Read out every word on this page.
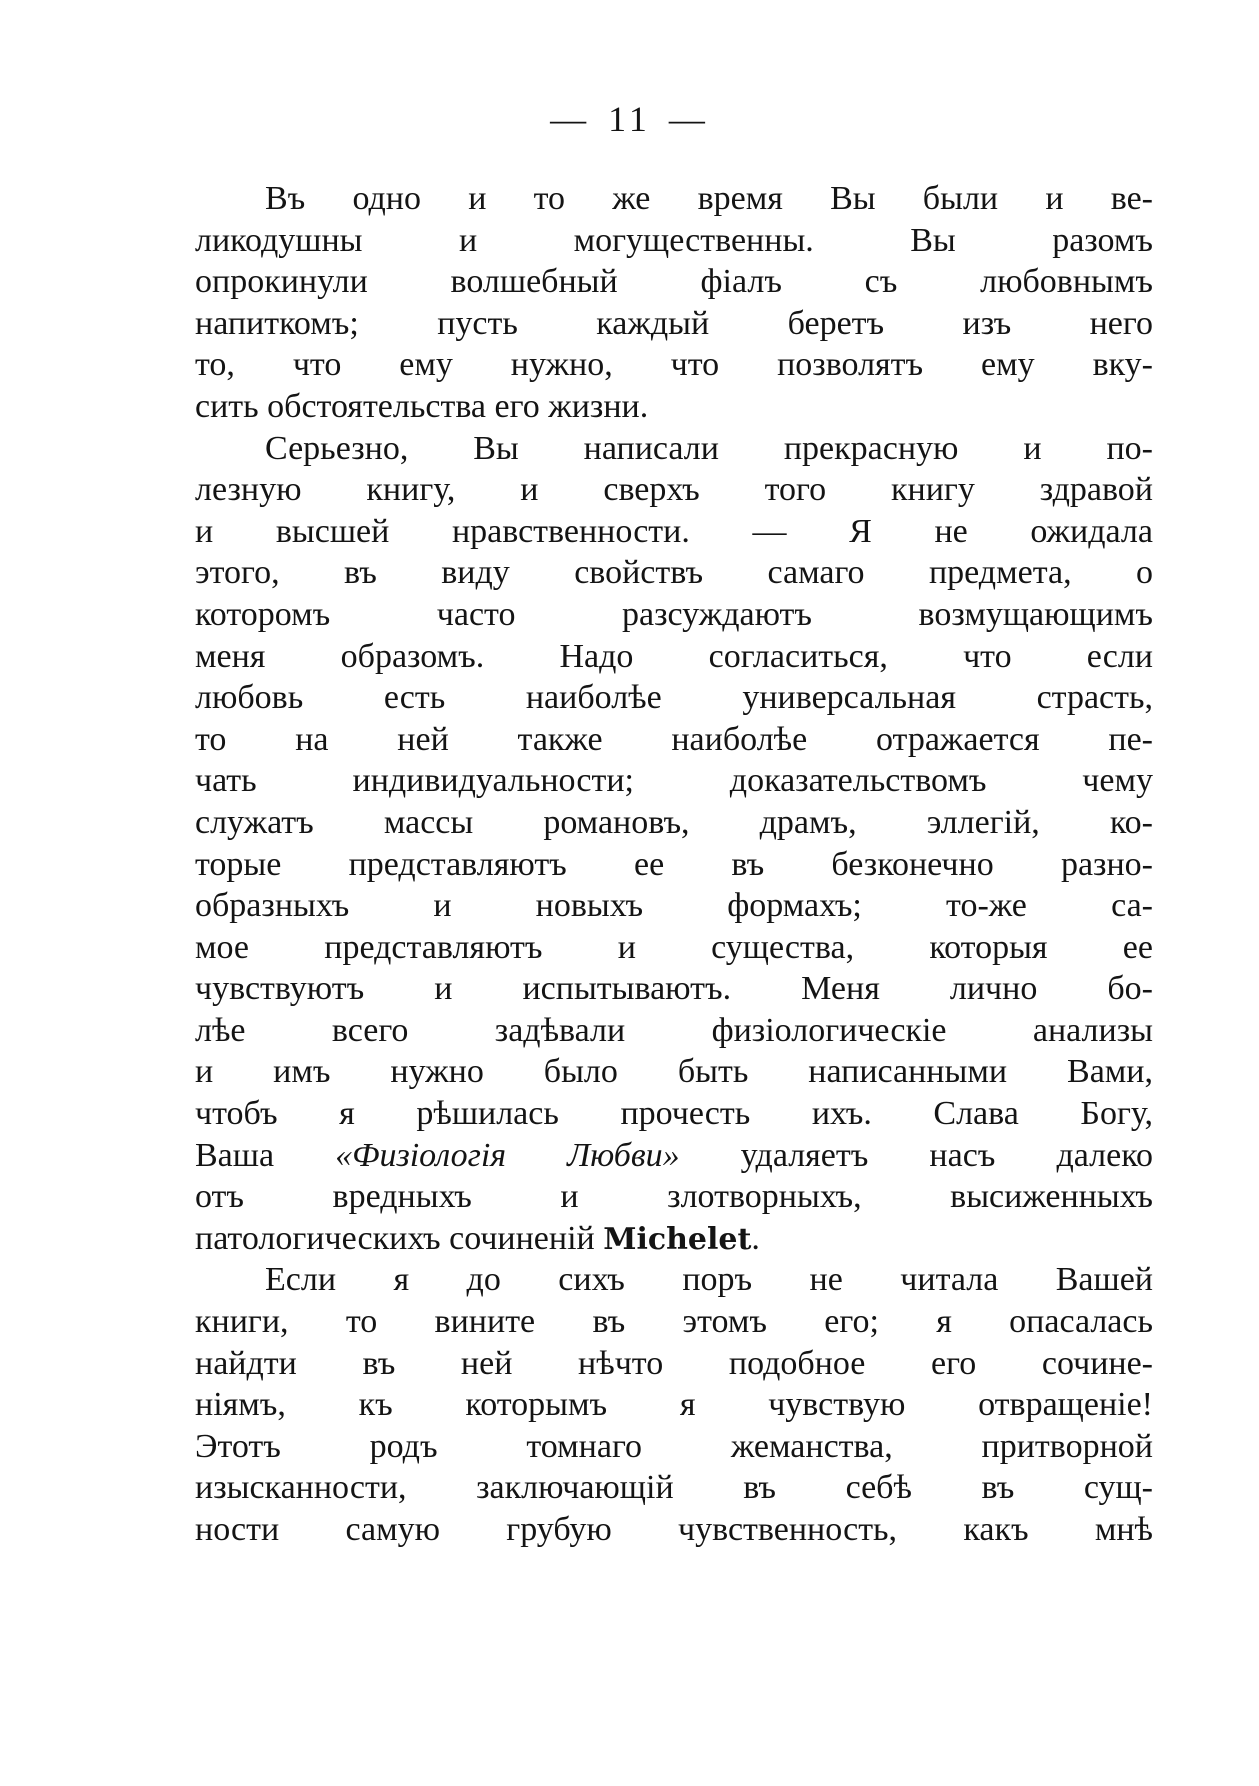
— 11 —
Въ одно и то же время Вы были и ве-
ликодушны и могущественны. Вы разомъ
опрокинули волшебный фіалъ съ любовнымъ
напиткомъ; пусть каждый беретъ изъ него
то, что ему нужно, что позволятъ ему вку-
сить обстоятельства его жизни.
Серьезно, Вы написали прекрасную и по-
лезную книгу, и сверхъ того книгу здравой
и высшей нравственности. — Я не ожидала
этого, въ виду свойствъ самаго предмета, о
которомъ часто разсуждаютъ возмущающимъ
меня образомъ. Надо согласиться, что если
любовь есть наиболѣе универсальная страсть,
то на ней также наиболѣе отражается пе-
чать индивидуальности; доказательствомъ чему
служатъ массы романовъ, драмъ, эллегій, ко-
торые представляютъ ее въ безконечно разно-
образныхъ и новыхъ формахъ; то-же са-
мое представляютъ и существа, которыя ее
чувствуютъ и испытываютъ. Меня лично бо-
лѣе всего задѣвали физіологическіе анализы
и имъ нужно было быть написанными Вами,
чтобъ я рѣшилась прочесть ихъ. Слава Богу,
Ваша «Физіологія Любви» удаляетъ насъ далеко
отъ вредныхъ и злотворныхъ, высиженныхъ
патологическихъ сочиненій Michelet.
Если я до сихъ поръ не читала Вашей
книги, то вините въ этомъ его; я опасалась
найдти въ ней нѣчто подобное его сочине-
ніямъ, къ которымъ я чувствую отвращеніе!
Этотъ родъ томнаго жеманства, притворной
изысканности, заключающій въ себѣ въ сущ-
ности самую грубую чувственность, какъ мнѣ
